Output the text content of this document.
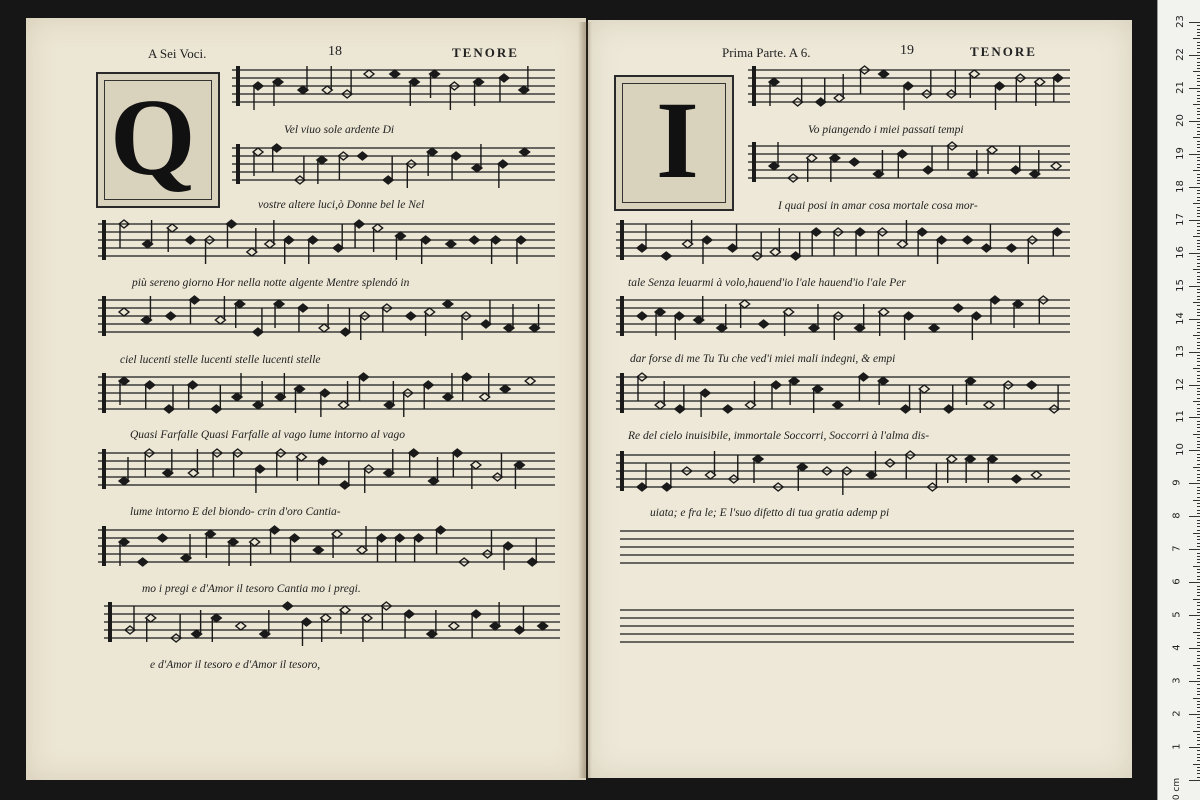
A Sei Voci.	18	TENORE	Prima Parte. A 6.	19	TENORE
Q	I
Vel viuo sole ardente Di
vostre altere luci,ò Donne bel le Nel
più sereno giorno Hor nella notte algente Mentre splendó in
ciel lucenti stelle lucenti stelle lucenti stelle
Quasi Farfalle Quasi Farfalle al vago lume intorno al vago
lume intorno E del biondo- crin d'oro Cantia-
mo i pregi e d'Amor il tesoro Cantia mo i pregi.
e d'Amor il tesoro e d'Amor il tesoro,
Vo piangendo i miei passati tempi
I quai posi in amar cosa mortale cosa mor-
tale Senza leuarmi à volo,hauend'io l'ale hauend'io l'ale Per
dar forse di me Tu Tu che ved'i miei mali indegni, & empi
Re del cielo inuisibile, immortale Soccorri, Soccorri à l'alma dis-
uiata; e fra le; E l'suo difetto di tua gratia ademp pi
0 cm
1
2
3
4
5
6
7
8
9
10
11
12
13
14
15
16
17
18
19
20
21
22
23
